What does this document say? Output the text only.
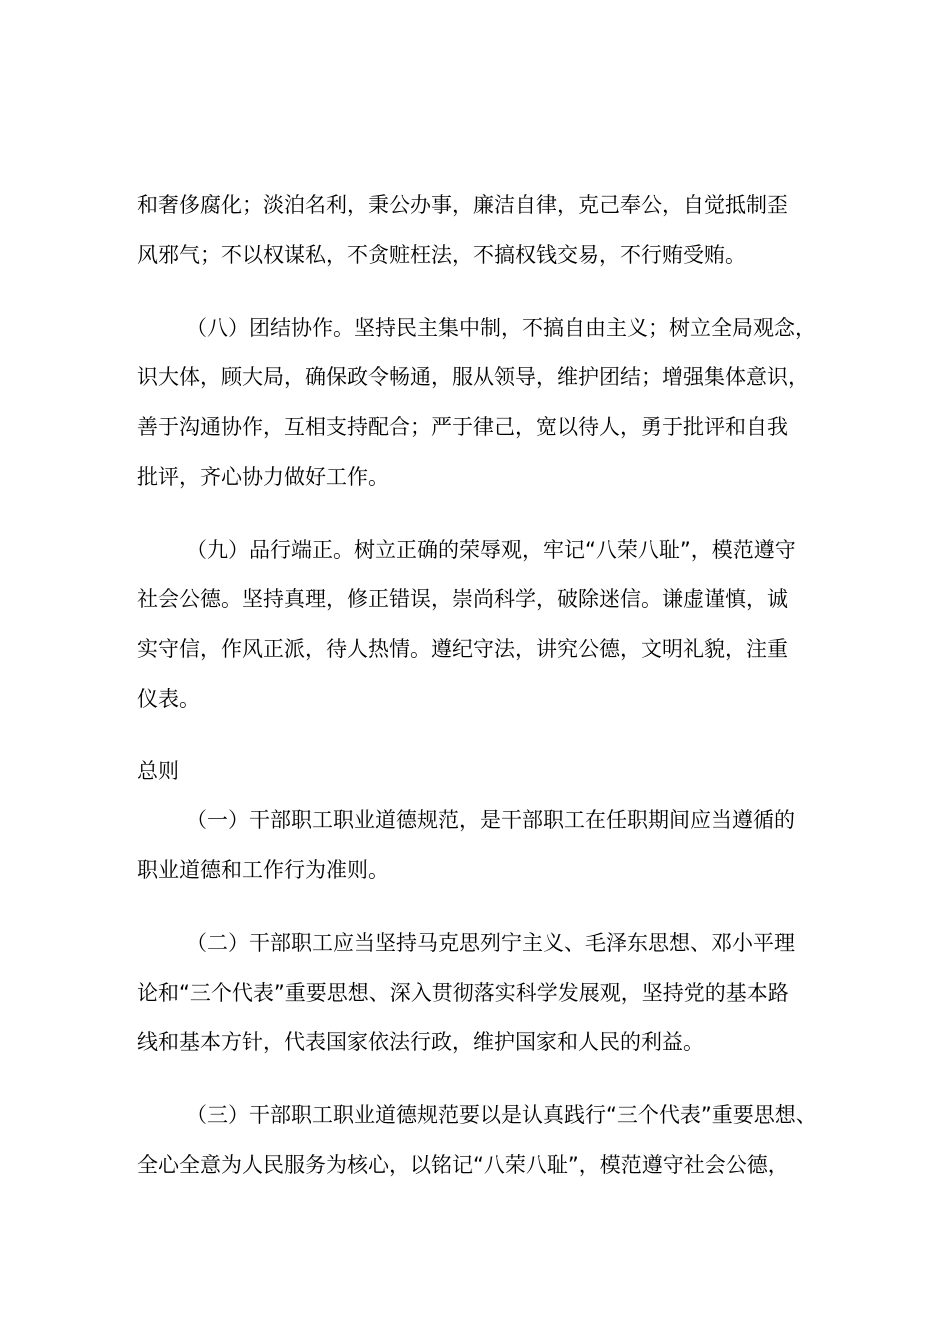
和奢侈腐化；淡泊名利，秉公办事，廉洁自律，克己奉公，自觉抵制歪
风邪气；不以权谋私，不贪赃枉法，不搞权钱交易，不行贿受贿。
（八）团结协作。坚持民主集中制，不搞自由主义；树立全局观念，
识大体，顾大局，确保政令畅通，服从领导，维护团结；增强集体意识，
善于沟通协作，互相支持配合；严于律己，宽以待人，勇于批评和自我
批评，齐心协力做好工作。
（九）品行端正。树立正确的荣辱观，牢记“八荣八耻”，模范遵守
社会公德。坚持真理，修正错误，崇尚科学，破除迷信。谦虚谨慎，诚
实守信，作风正派，待人热情。遵纪守法，讲究公德，文明礼貌，注重
仪表。
总则
（一）干部职工职业道德规范，是干部职工在任职期间应当遵循的
职业道德和工作行为准则。
（二）干部职工应当坚持马克思列宁主义、毛泽东思想、邓小平理
论和“三个代表”重要思想、深入贯彻落实科学发展观，坚持党的基本路
线和基本方针，代表国家依法行政，维护国家和人民的利益。
（三）干部职工职业道德规范要以是认真践行“三个代表”重要思想、
全心全意为人民服务为核心，以铭记“八荣八耻”，模范遵守社会公德，
